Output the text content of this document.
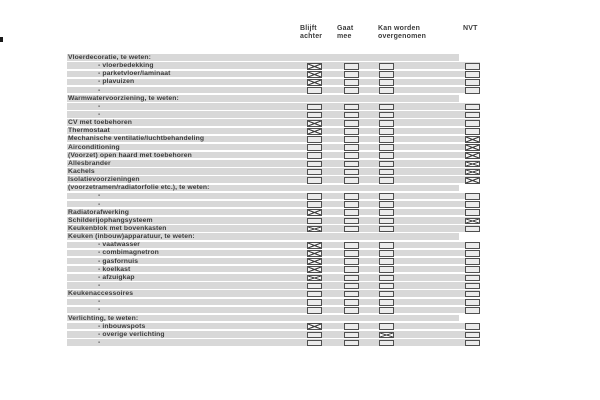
Blijft
achter
Gaat
mee
Kan worden
overgenomen
NVT
Vloerdecoratie, te weten:
- vloerbedekking
- parketvloer/laminaat
- plavuizen
-
Warmwatervoorziening, te weten:
-
-
CV met toebehoren
Thermostaat
Mechanische ventilatie/luchtbehandeling
Airconditioning
(Voorzet) open haard met toebehoren
Allesbrander
Kachels
Isolatievoorzieningen
(voorzetramen/radiatorfolie etc.), te weten:
-
-
Radiatorafwerking
Schilderijophangsysteem
Keukenblok met bovenkasten
Keuken (inbouw)apparatuur, te weten:
- vaatwasser
- combimagnetron
- gasfornuis
- koelkast
- afzuigkap
-
Keukenaccessoires
-
-
Verlichting, te weten:
- inbouwspots
- overige verlichting
-
